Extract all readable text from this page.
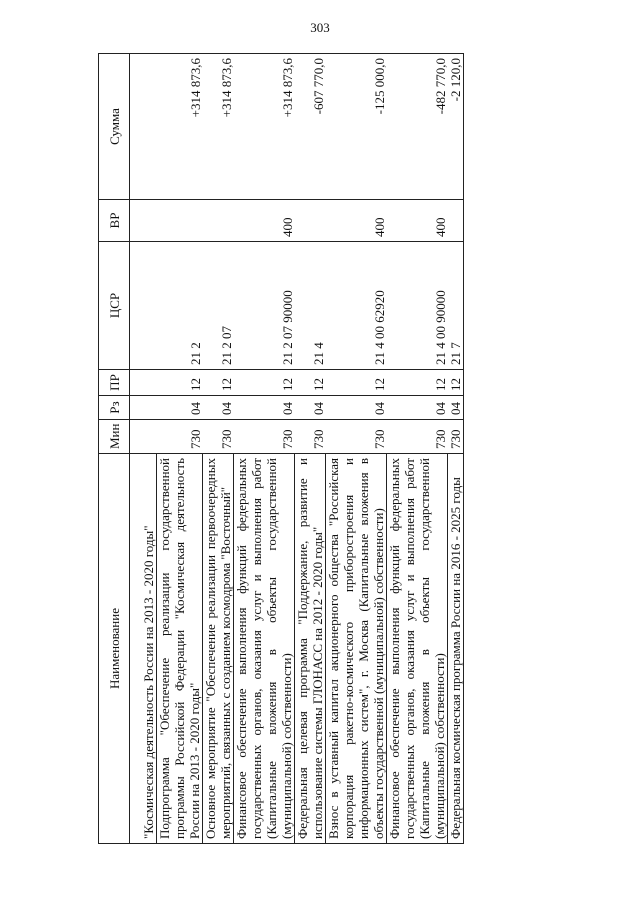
303
Наименование	Мин	Рз	ПР	ЦСР	ВР	Сумма
"Космическая деятельность России на 2013 - 2020 годы"						
Подпрограмма "Обеспечение реализации государственной программы Российской Федерации "Космическая деятельность России на 2013 - 2020 годы"	730	04	12	21 2		+314 873,6
Основное мероприятие "Обеспечение реализации первоочередных мероприятий, связанных с созданием космодрома "Восточный"	730	04	12	21 2 07		+314 873,6
Финансовое обеспечение выполнения функций федеральных государственных органов, оказания услуг и выполнения работ (Капитальные вложения в объекты государственной (муниципальной) собственности)	730	04	12	21 2 07 90000	400	+314 873,6
Федеральная целевая программа "Поддержание, развитие и использование системы ГЛОНАСС на 2012 - 2020 годы"	730	04	12	21 4		-607 770,0
Взнос в уставный капитал акционерного общества "Российская корпорация ракетно-космического приборостроения и информационных систем", г. Москва (Капитальные вложения в объекты государственной (муниципальной) собственности)	730	04	12	21 4 00 62920	400	-125 000,0
Финансовое обеспечение выполнения функций федеральных государственных органов, оказания услуг и выполнения работ (Капитальные вложения в объекты государственной (муниципальной) собственности)	730	04	12	21 4 00 90000	400	-482 770,0
Федеральная космическая программа России на 2016 - 2025 годы	730	04	12	21 7		-2 120,0
